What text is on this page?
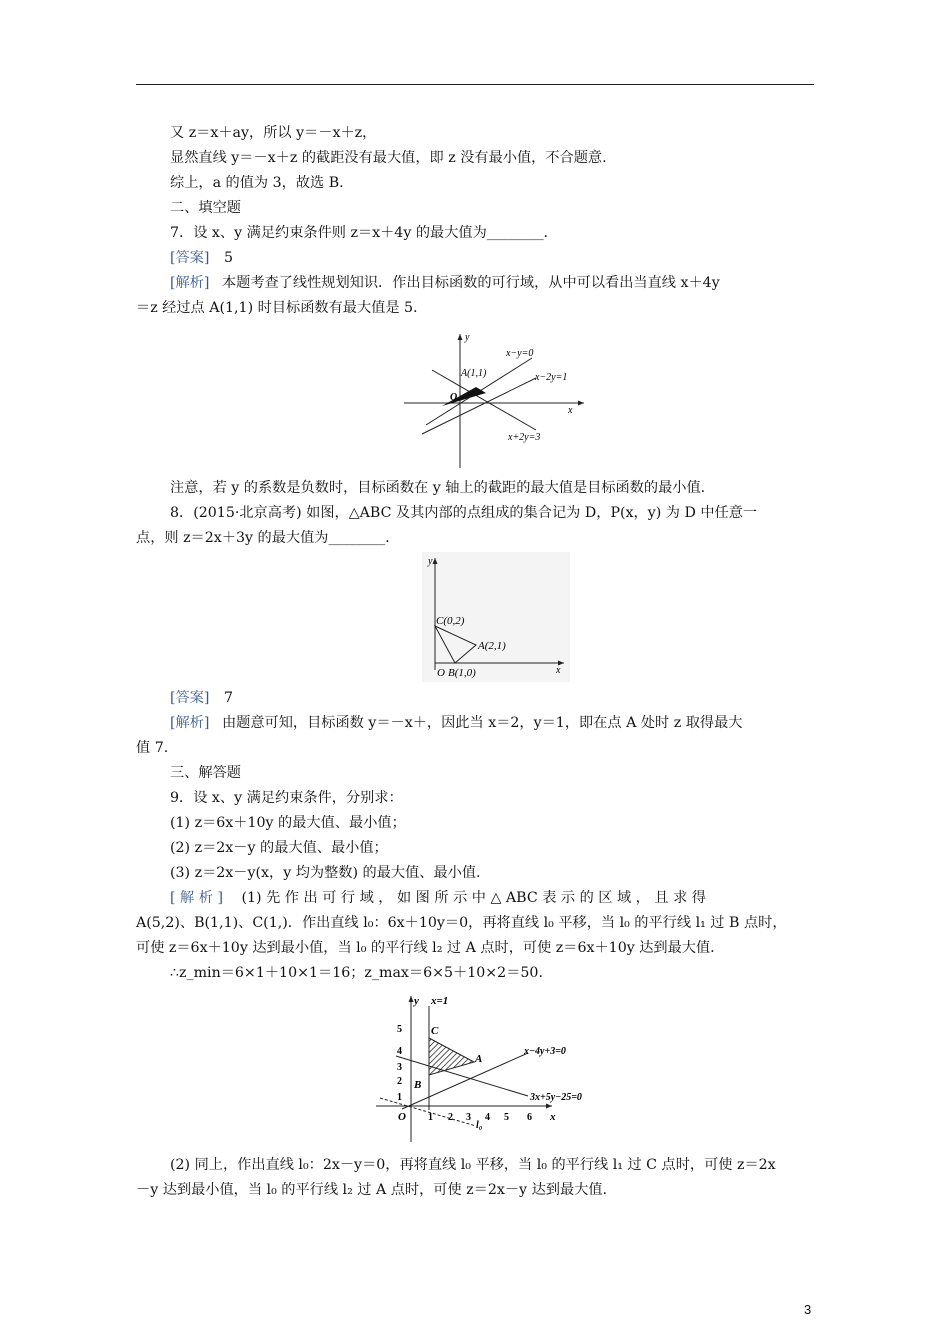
又 z＝x＋ay，所以 y＝－x＋z，
显然直线 y＝－x＋z 的截距没有最大值，即 z 没有最小值，不合题意.
综上，a 的值为 3，故选 B.
二、填空题
7．设 x、y 满足约束条件则 z＝x＋4y 的最大值为________．
[答案] 5
[解析] 本题考查了线性规划知识．作出目标函数的可行域，从中可以看出当直线 x＋4y
＝z 经过点 A(1,1) 时目标函数有最大值是 5.
x−y=0
x−2y=1
x+2y=3
A(1,1)
O
y
x
注意，若 y 的系数是负数时，目标函数在 y 轴上的截距的最大值是目标函数的最小值.
8．(2015·北京高考) 如图，△ABC 及其内部的点组成的集合记为 D，P(x，y) 为 D 中任意一
点，则 z＝2x＋3y 的最大值为________．
C(0,2)
A(2,1)
B(1,0)
O
y
x
[答案] 7
[解析] 由题意可知，目标函数 y＝－x＋，因此当 x＝2，y＝1，即在点 A 处时 z 取得最大
值 7.
三、解答题
9．设 x、y 满足约束条件，分别求：
(1) z＝6x＋10y 的最大值、最小值；
(2) z＝2x－y 的最大值、最小值；
(3) z＝2x－y(x，y 均为整数) 的最大值、最小值.
[ 解 析 ] (1) 先 作 出 可 行 域 ， 如 图 所 示 中 △ ABC 表 示 的 区 域 ， 且 求 得
A(5,2)、B(1,1)、C(1,)．作出直线 l₀：6x＋10y＝0，再将直线 l₀ 平移，当 l₀ 的平行线 l₁ 过 B 点时，
可使 z＝6x＋10y 达到最小值，当 l₀ 的平行线 l₂ 过 A 点时，可使 z＝6x＋10y 达到最大值.
∴z_min＝6×1＋10×1＝16；z_max＝6×5＋10×2＝50.
x=1
x−4y+3=0
3x+5y−25=0
l₀
A
B
C
O
y
x
5
4
3
2
1
1 2 3 4 5 6
(2) 同上，作出直线 l₀：2x－y＝0，再将直线 l₀ 平移，当 l₀ 的平行线 l₁ 过 C 点时，可使 z＝2x
－y 达到最小值，当 l₀ 的平行线 l₂ 过 A 点时，可使 z＝2x－y 达到最大值.
3
